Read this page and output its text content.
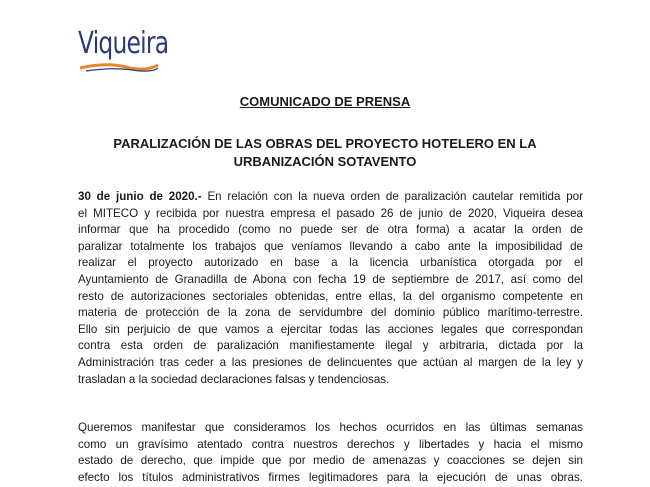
Viqueira
COMUNICADO DE PRENSA
PARALIZACIÓN DE LAS OBRAS DEL PROYECTO HOTELERO EN LA
URBANIZACIÓN SOTAVENTO
30 de junio de 2020.- En relación con la nueva orden de paralización cautelar remitida por
el MITECO y recibida por nuestra empresa el pasado 26 de junio de 2020, Viqueira desea
informar que ha procedido (como no puede ser de otra forma) a acatar la orden de
paralizar totalmente los trabajos que veníamos llevando a cabo ante la imposibilidad de
realizar el proyecto autorizado en base a la licencia urbanística otorgada por el
Ayuntamiento de Granadilla de Abona con fecha 19 de septiembre de 2017, así como del
resto de autorizaciones sectoriales obtenidas, entre ellas, la del organismo competente en
materia de protección de la zona de servidumbre del dominio público marítimo-terrestre.
Ello sin perjuicio de que vamos a ejercitar todas las acciones legales que correspondan
contra esta orden de paralización manifiestamente ilegal y arbitraria, dictada por la
Administración tras ceder a las presiones de delincuentes que actúan al margen de la ley y
trasladan a la sociedad declaraciones falsas y tendenciosas.
Queremos manifestar que consideramos los hechos ocurridos en las últimas semanas
como un gravísimo atentado contra nuestros derechos y libertades y hacia el mismo
estado de derecho, que impide que por medio de amenazas y coacciones se dejen sin
efecto los títulos administrativos firmes legitimadores para la ejecución de unas obras.
